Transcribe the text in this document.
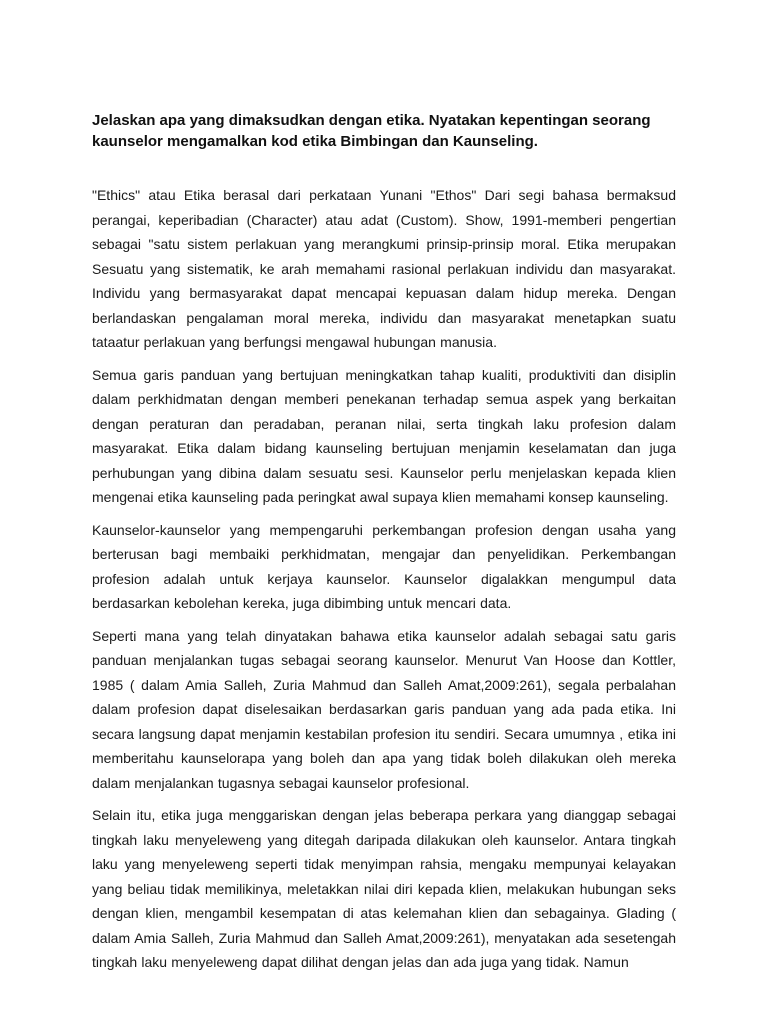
Jelaskan apa yang dimaksudkan dengan etika. Nyatakan kepentingan seorang kaunselor mengamalkan kod etika Bimbingan dan Kaunseling.

"Ethics" atau Etika berasal dari perkataan Yunani "Ethos" Dari segi bahasa bermaksud perangai, keperibadian (Character) atau adat (Custom). Show, 1991-memberi pengertian sebagai "satu sistem perlakuan yang merangkumi prinsip-prinsip moral. Etika merupakan Sesuatu yang sistematik, ke arah memahami rasional perlakuan individu dan masyarakat. Individu yang bermasyarakat dapat mencapai kepuasan dalam hidup mereka. Dengan berlandaskan pengalaman moral mereka, individu dan masyarakat menetapkan suatu tataatur perlakuan yang berfungsi mengawal hubungan manusia.

Semua garis panduan yang bertujuan meningkatkan tahap kualiti, produktiviti dan disiplin dalam perkhidmatan dengan memberi penekanan terhadap semua aspek yang berkaitan dengan peraturan dan peradaban, peranan nilai, serta tingkah laku profesion dalam masyarakat. Etika dalam bidang kaunseling bertujuan menjamin keselamatan dan juga perhubungan yang dibina dalam sesuatu sesi. Kaunselor perlu menjelaskan kepada klien mengenai etika kaunseling pada peringkat awal supaya klien memahami konsep kaunseling.

Kaunselor-kaunselor yang mempengaruhi perkembangan profesion dengan usaha yang berterusan bagi membaiki perkhidmatan, mengajar dan penyelidikan. Perkembangan profesion adalah untuk kerjaya kaunselor. Kaunselor digalakkan mengumpul data berdasarkan kebolehan kereka, juga dibimbing untuk mencari data.

Seperti mana yang telah dinyatakan bahawa etika kaunselor adalah sebagai satu garis panduan menjalankan tugas sebagai seorang kaunselor. Menurut Van Hoose dan Kottler, 1985 ( dalam Amia Salleh, Zuria Mahmud dan Salleh Amat,2009:261), segala perbalahan dalam profesion dapat diselesaikan berdasarkan garis panduan yang ada pada etika. Ini secara langsung dapat menjamin kestabilan profesion itu sendiri. Secara umumnya , etika ini memberitahu kaunselorapa yang boleh dan apa yang tidak boleh dilakukan oleh mereka dalam menjalankan tugasnya sebagai kaunselor profesional.

Selain itu, etika juga menggariskan dengan jelas beberapa perkara yang dianggap sebagai tingkah laku menyeleweng yang ditegah daripada dilakukan oleh kaunselor. Antara tingkah laku yang menyeleweng seperti tidak menyimpan rahsia, mengaku mempunyai kelayakan yang beliau tidak memilikinya, meletakkan nilai diri kepada klien, melakukan hubungan seks dengan klien, mengambil kesempatan di atas kelemahan klien dan sebagainya. Glading ( dalam Amia Salleh, Zuria Mahmud dan Salleh Amat,2009:261), menyatakan ada sesetengah tingkah laku menyeleweng dapat dilihat dengan jelas dan ada juga yang tidak. Namun
